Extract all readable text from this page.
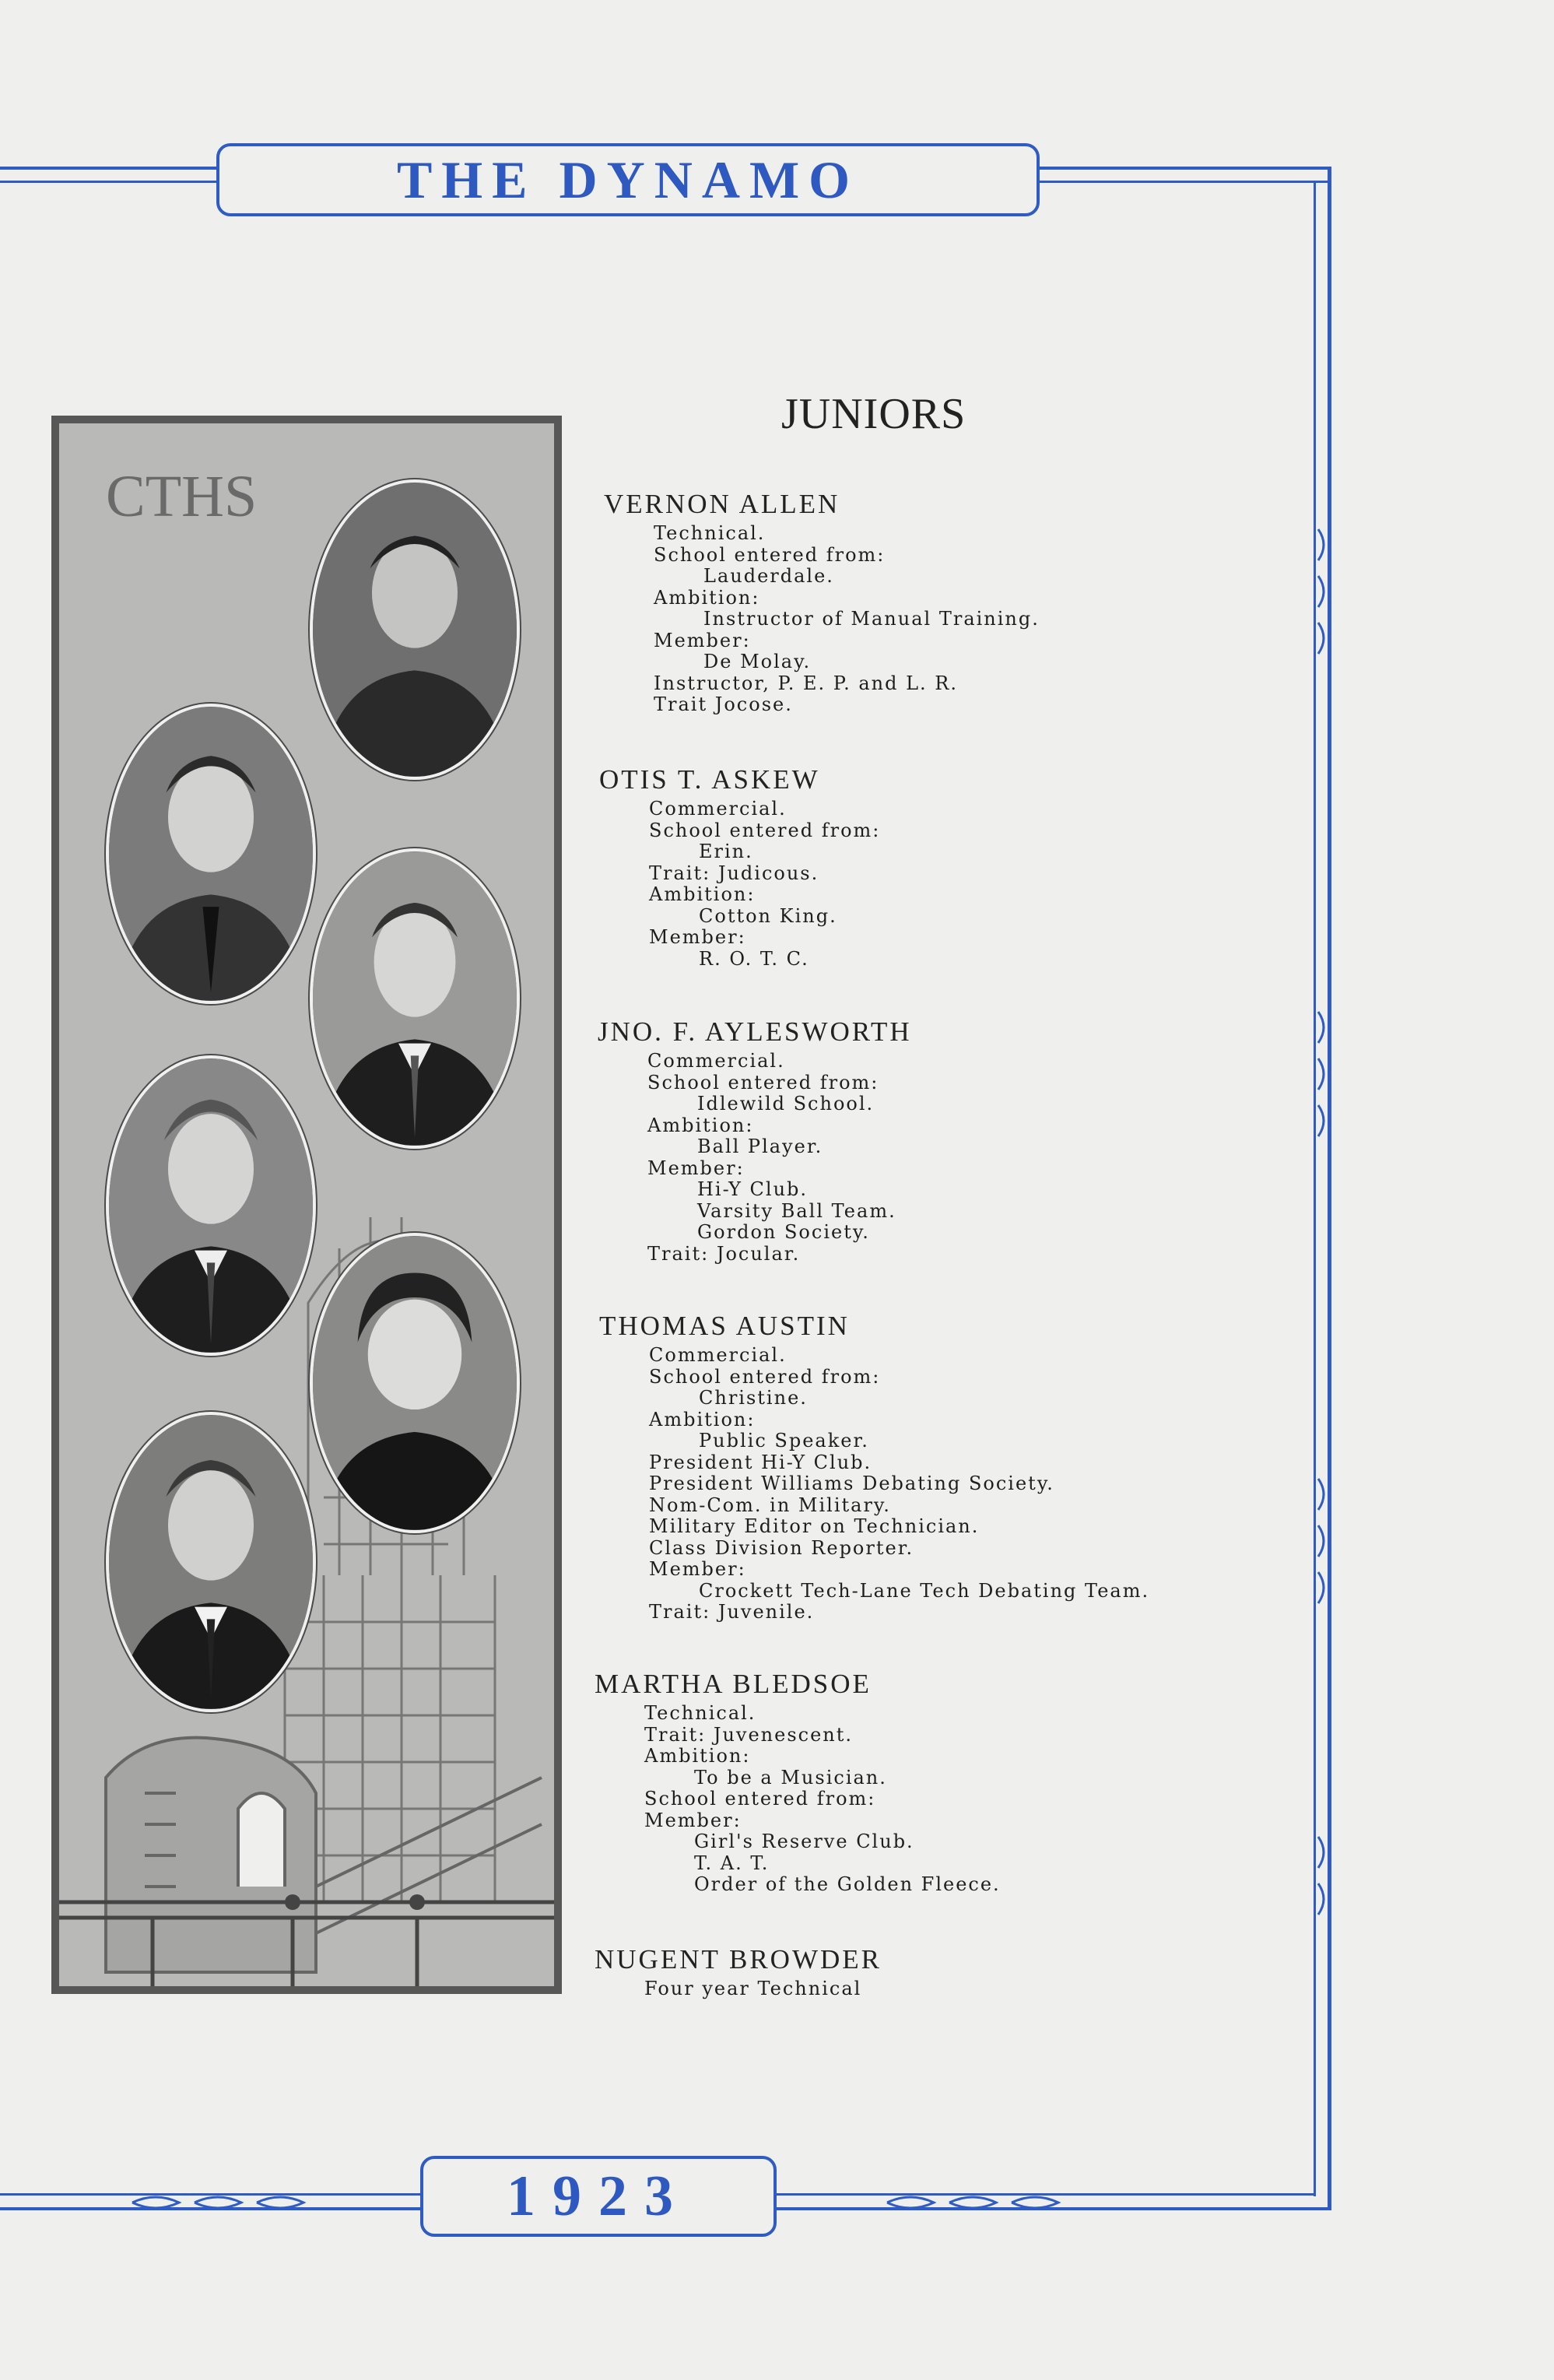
THE DYNAMO
1923
CTHS
JUNIORS
VERNON ALLEN
Technical.
School entered from:
Lauderdale.
Ambition:
Instructor of Manual Training.
Member:
De Molay.
Instructor, P. E. P. and L. R.
Trait Jocose.
OTIS T. ASKEW
Commercial.
School entered from:
Erin.
Trait: Judicous.
Ambition:
Cotton King.
Member:
R. O. T. C.
JNO. F. AYLESWORTH
Commercial.
School entered from:
Idlewild School.
Ambition:
Ball Player.
Member:
Hi-Y Club.
Varsity Ball Team.
Gordon Society.
Trait: Jocular.
THOMAS AUSTIN
Commercial.
School entered from:
Christine.
Ambition:
Public Speaker.
President Hi-Y Club.
President Williams Debating Society.
Nom-Com. in Military.
Military Editor on Technician.
Class Division Reporter.
Member:
Crockett Tech-Lane Tech Debating Team.
Trait: Juvenile.
MARTHA BLEDSOE
Technical.
Trait: Juvenescent.
Ambition:
To be a Musician.
School entered from:
Member:
Girl's Reserve Club.
T. A. T.
Order of the Golden Fleece.
NUGENT BROWDER
Four year Technical
